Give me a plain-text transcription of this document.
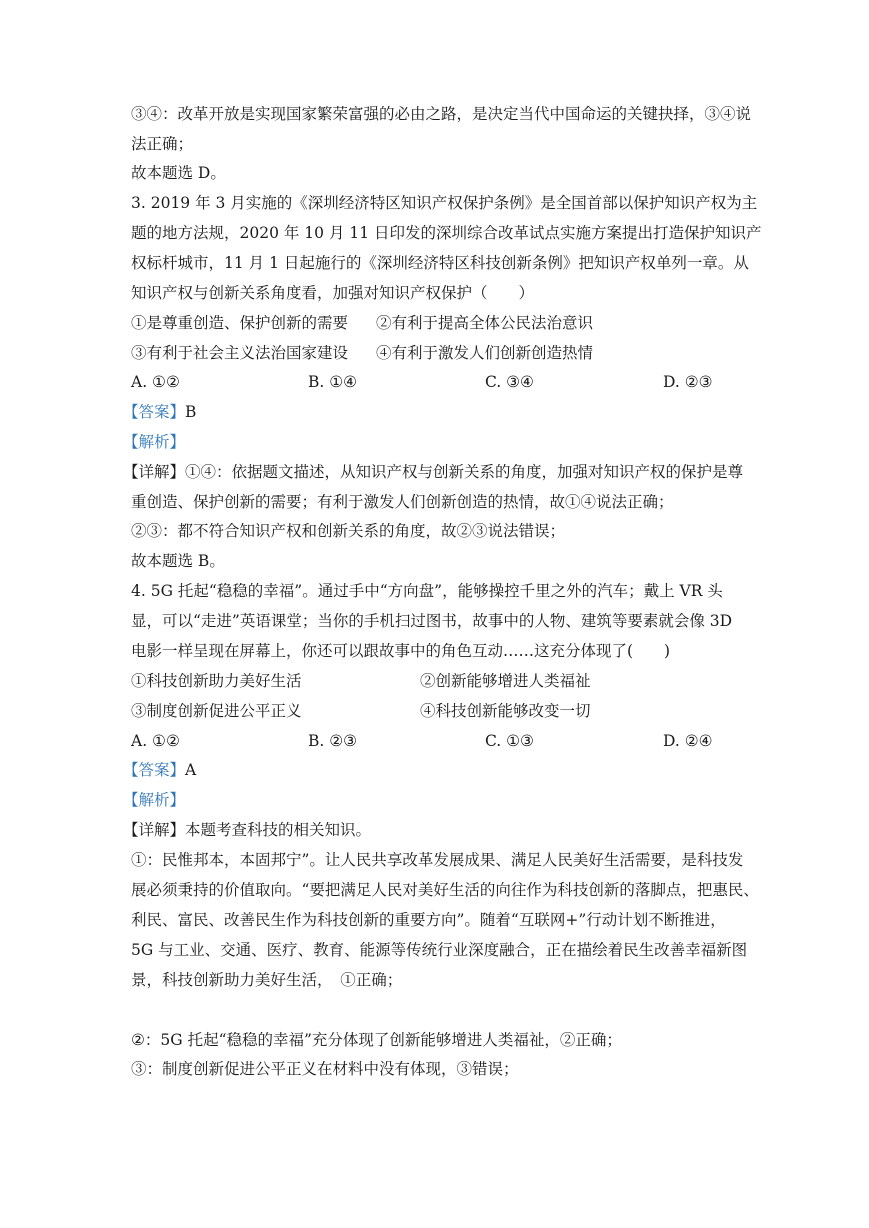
③④：改革开放是实现国家繁荣富强的必由之路，是决定当代中国命运的关键抉择，③④说
法正确；
故本题选 D。
3. 2019 年 3 月实施的《深圳经济特区知识产权保护条例》是全国首部以保护知识产权为主
题的地方法规，2020 年 10 月 11 日印发的深圳综合改革试点实施方案提出打造保护知识产
权标杆城市，11 月 1 日起施行的《深圳经济特区科技创新条例》把知识产权单列一章。从
知识产权与创新关系角度看，加强对知识产权保护（　　）
①是尊重创造、保护创新的需要 ②有利于提高全体公民法治意识
③有利于社会主义法治国家建设 ④有利于激发人们创新创造热情
A. ①②	B. ①④	C. ③④	D. ②③
【答案】B
【解析】
【详解】①④：依据题文描述，从知识产权与创新关系的角度，加强对知识产权的保护是尊
重创造、保护创新的需要；有利于激发人们创新创造的热情，故①④说法正确；
②③：都不符合知识产权和创新关系的角度，故②③说法错误；
故本题选 B。
4. 5G 托起“稳稳的幸福”。通过手中“方向盘”，能够操控千里之外的汽车；戴上 VR 头
显，可以“走进”英语课堂；当你的手机扫过图书，故事中的人物、建筑等要素就会像 3D
电影一样呈现在屏幕上，你还可以跟故事中的角色互动……这充分体现了(　　)
①科技创新助力美好生活	②创新能够增进人类福祉
③制度创新促进公平正义	④科技创新能够改变一切
A. ①②	B. ②③	C. ①③	D. ②④
【答案】A
【解析】
【详解】本题考查科技的相关知识。
①：民惟邦本，本固邦宁”。让人民共享改革发展成果、满足人民美好生活需要，是科技发
展必须秉持的价值取向。“要把满足人民对美好生活的向往作为科技创新的落脚点，把惠民、
利民、富民、改善民生作为科技创新的重要方向”。随着“互联网+”行动计划不断推进，
5G 与工业、交通、医疗、教育、能源等传统行业深度融合，正在描绘着民生改善幸福新图
景，科技创新助力美好生活，　①正确；
②：5G 托起“稳稳的幸福”充分体现了创新能够增进人类福祉，②正确；
③：制度创新促进公平正义在材料中没有体现，③错误；
